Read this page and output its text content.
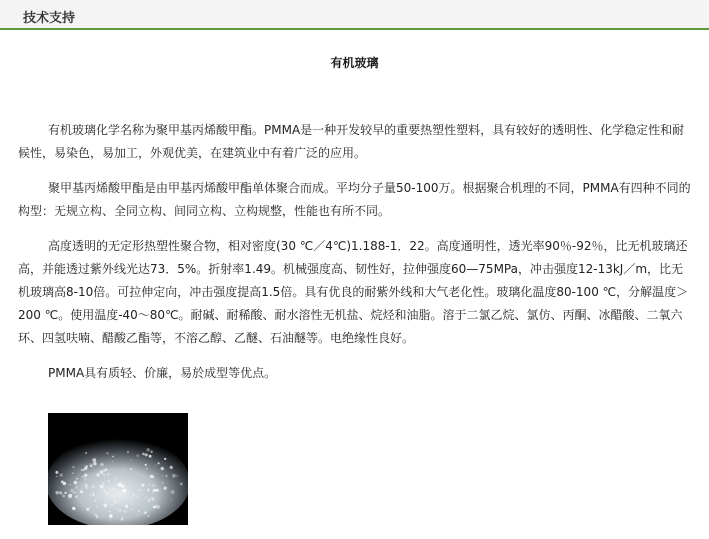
技术支持
有机玻璃

有机玻璃化学名称为聚甲基丙烯酸甲酯。PMMA是一种开发较早的重要热塑性塑料，具有较好的透明性、化学稳定性和耐候性，易染色，易加工，外观优美，在建筑业中有着广泛的应用。

聚甲基丙烯酸甲酯是由甲基丙烯酸甲酯单体聚合而成。平均分子量50-100万。根据聚合机理的不同，PMMA有四种不同的构型：无规立构、全同立构、间同立构、立构规整，性能也有所不同。

高度透明的无定形热塑性聚合物，相对密度(30 ℃／4℃)1.188-1．22。高度通明性，透光率90％-92％，比无机玻璃还高，并能透过紫外线光达73．5%。折射率1.49。机械强度高、韧性好，拉伸强度60—75MPa，冲击强度12-13kJ／m，比无机玻璃高8-10倍。可拉伸定向，冲击强度提高1.5倍。具有优良的耐紫外线和大气老化性。玻璃化温度80-100 ℃，分解温度＞200 ℃。使用温度-40～80℃。耐碱、耐稀酸、耐水溶性无机盐、烷烃和油脂。溶于二氯乙烷、氯仿、丙酮、冰醋酸、二氧六环、四氢呋喃、醋酸乙酯等，不溶乙醇、乙醚、石油醚等。电绝缘性良好。

PMMA具有质轻、价廉，易於成型等优点。
